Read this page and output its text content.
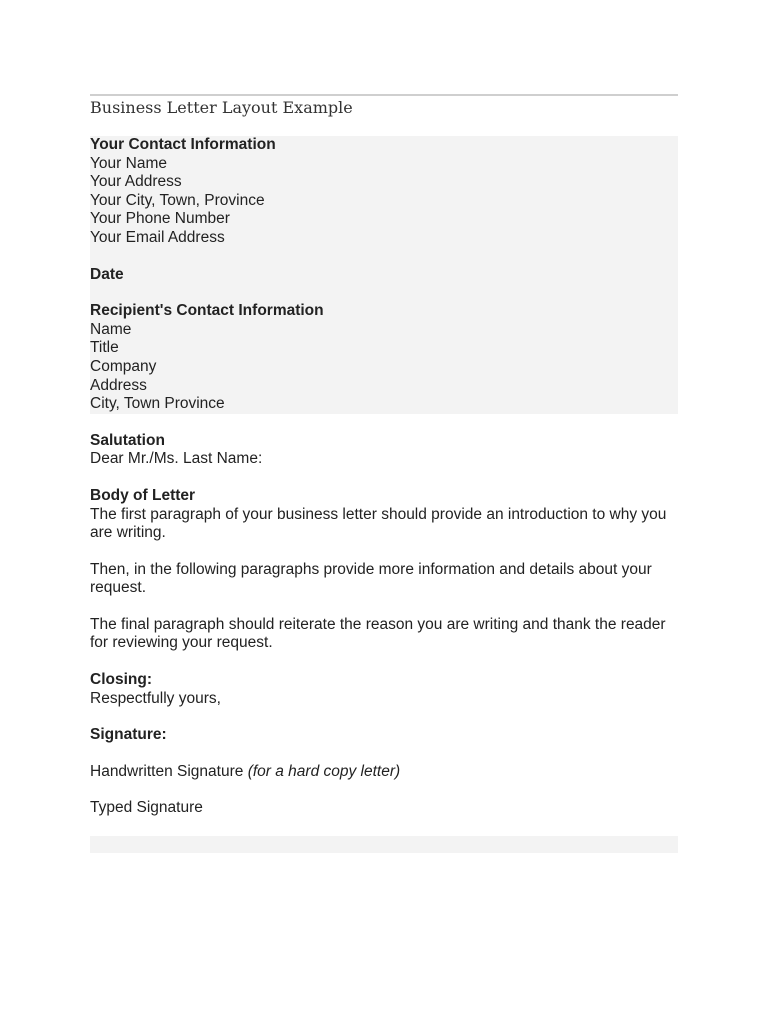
Business Letter Layout Example
Your Contact Information
Your Name
Your Address
Your City, Town, Province
Your Phone Number
Your Email Address
Date
Recipient's Contact Information
Name
Title
Company
Address
City, Town Province
Salutation
Dear Mr./Ms. Last Name:
Body of Letter
The first paragraph of your business letter should provide an introduction to why you are writing.
Then, in the following paragraphs provide more information and details about your request.
The final paragraph should reiterate the reason you are writing and thank the reader for reviewing your request.
Closing:
Respectfully yours,
Signature:
Handwritten Signature (for a hard copy letter)
Typed Signature
